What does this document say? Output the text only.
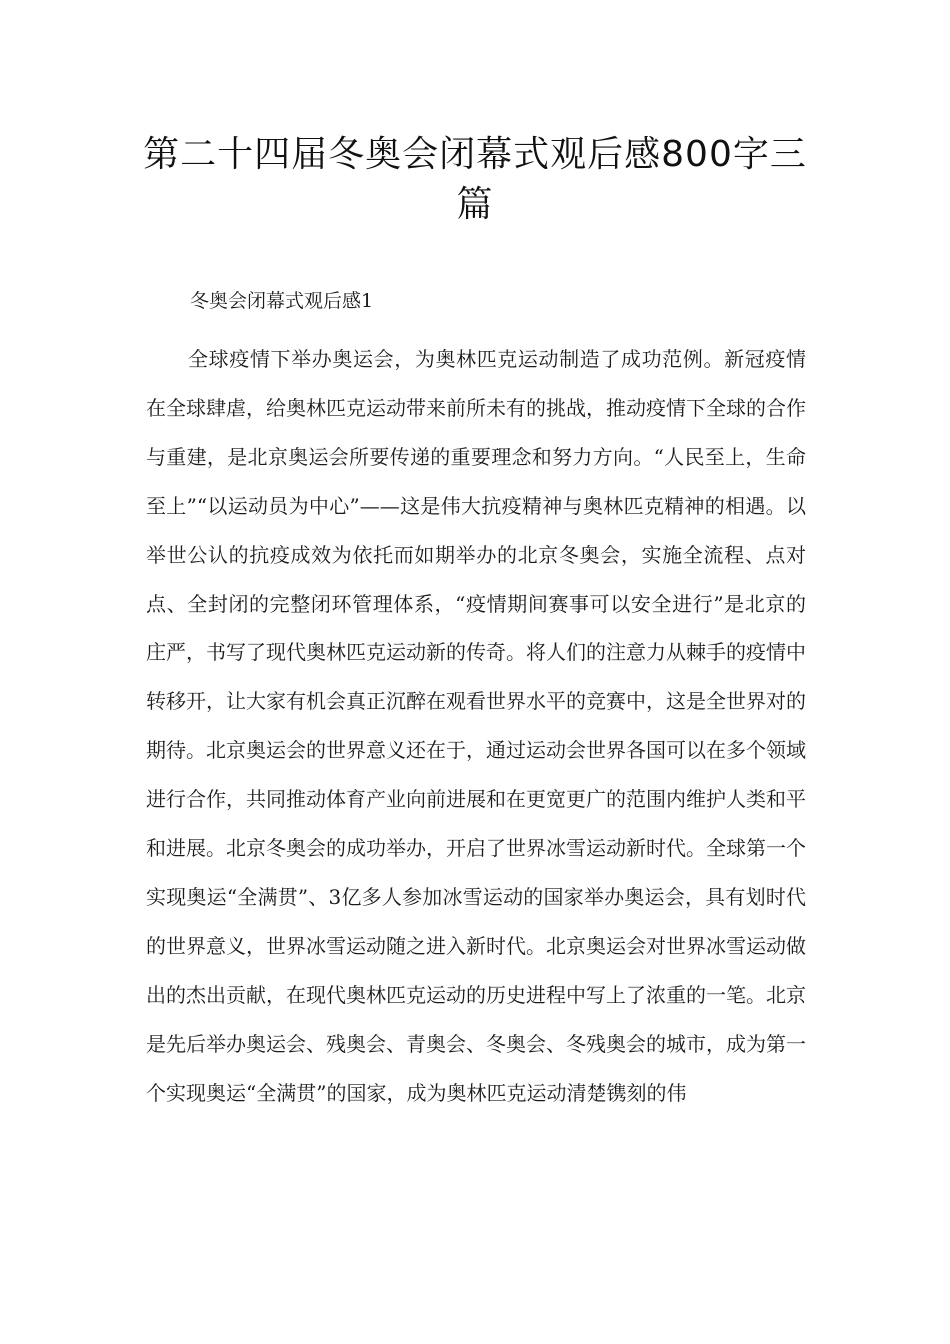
第二十四届冬奥会闭幕式观后感800字三篇

冬奥会闭幕式观后感1

全球疫情下举办奥运会，为奥林匹克运动制造了成功范例。新冠疫情在全球肆虐，给奥林匹克运动带来前所未有的挑战，推动疫情下全球的合作与重建，是北京奥运会所要传递的重要理念和努力方向。“人民至上，生命至上”“以运动员为中心”——这是伟大抗疫精神与奥林匹克精神的相遇。以举世公认的抗疫成效为依托而如期举办的北京冬奥会，实施全流程、点对点、全封闭的完整闭环管理体系，“疫情期间赛事可以安全进行”是北京的庄严，书写了现代奥林匹克运动新的传奇。将人们的注意力从棘手的疫情中转移开，让大家有机会真正沉醉在观看世界水平的竞赛中，这是全世界对的期待。北京奥运会的世界意义还在于，通过运动会世界各国可以在多个领域进行合作，共同推动体育产业向前进展和在更宽更广的范围内维护人类和平和进展。北京冬奥会的成功举办，开启了世界冰雪运动新时代。全球第一个实现奥运“全满贯”、3亿多人参加冰雪运动的国家举办奥运会，具有划时代的世界意义，世界冰雪运动随之进入新时代。北京奥运会对世界冰雪运动做出的杰出贡献，在现代奥林匹克运动的历史进程中写上了浓重的一笔。北京是先后举办奥运会、残奥会、青奥会、冬奥会、冬残奥会的城市，成为第一个实现奥运“全满贯”的国家，成为奥林匹克运动清楚镌刻的伟
